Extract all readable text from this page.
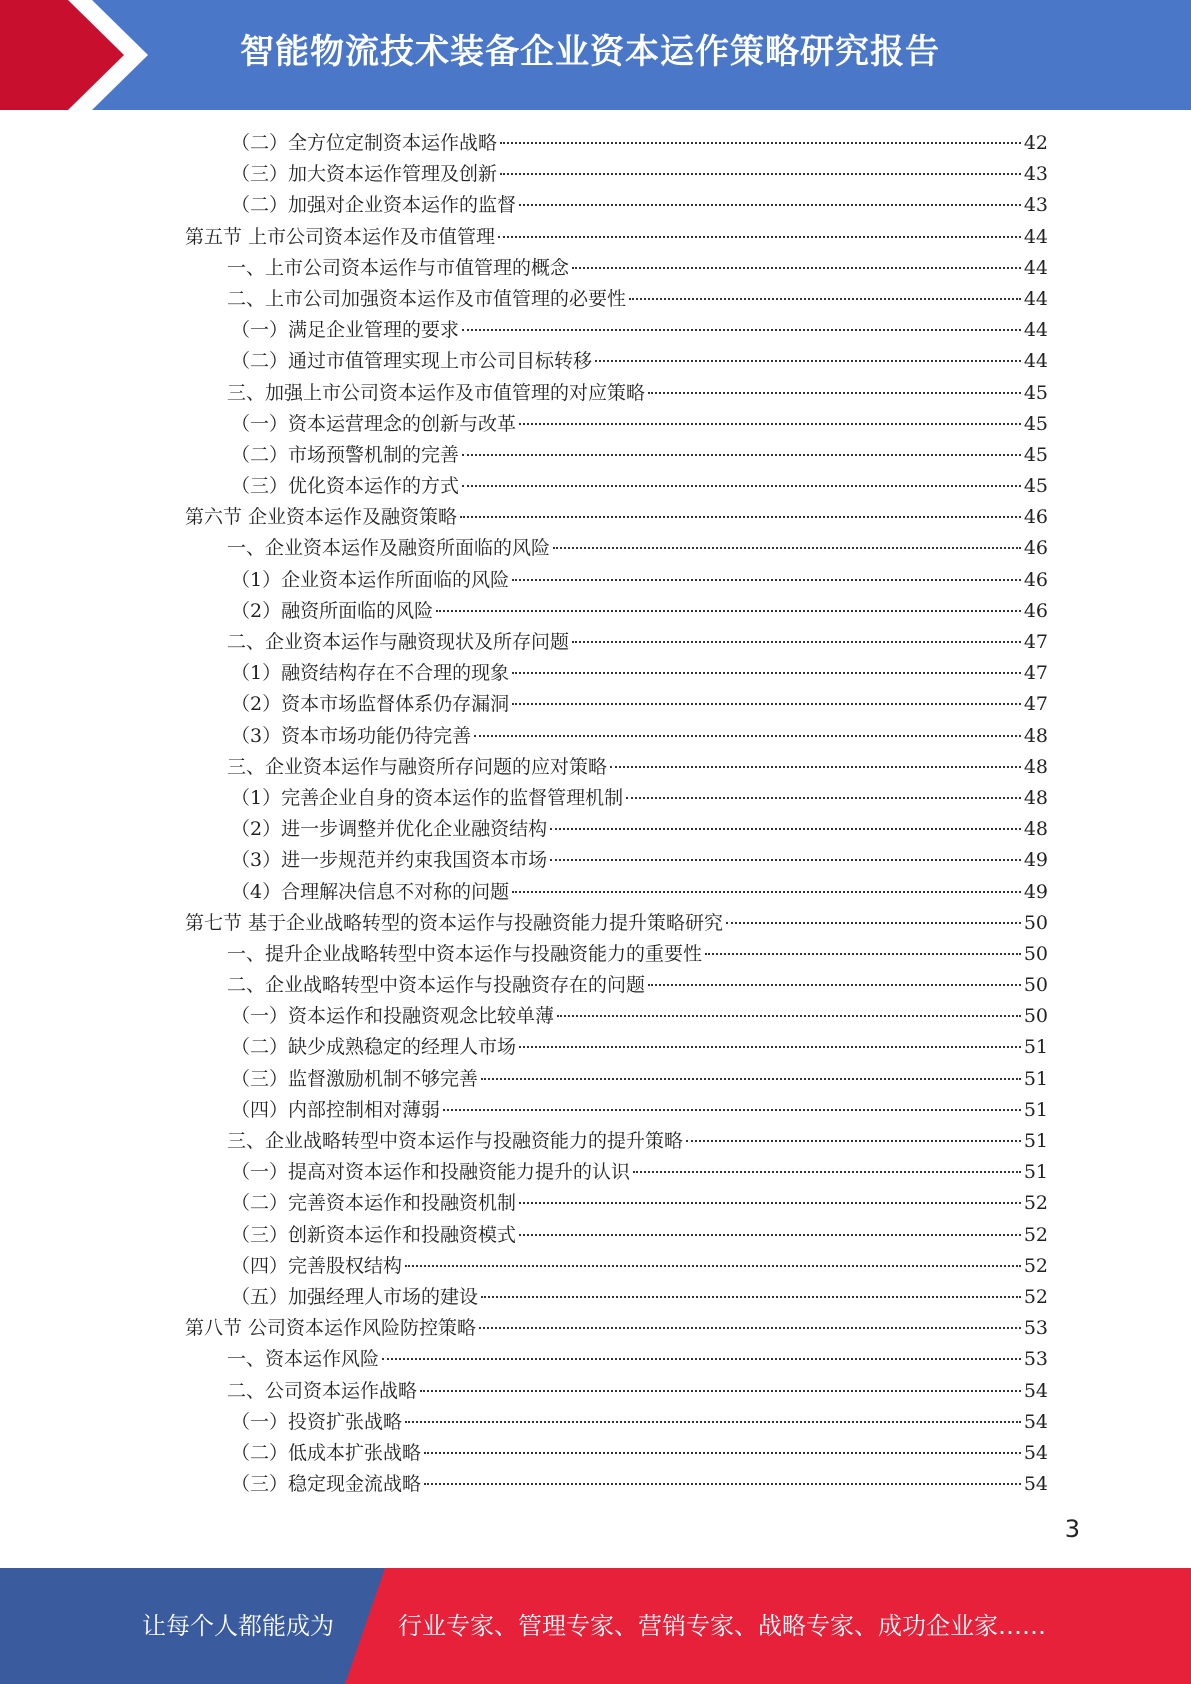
智能物流技术装备企业资本运作策略研究报告
（二）全方位定制资本运作战略	42
（三）加大资本运作管理及创新	43
（二）加强对企业资本运作的监督	43
第五节 上市公司资本运作及市值管理	44
一、上市公司资本运作与市值管理的概念	44
二、上市公司加强资本运作及市值管理的必要性	44
（一）满足企业管理的要求	44
（二）通过市值管理实现上市公司目标转移	44
三、加强上市公司资本运作及市值管理的对应策略	45
（一）资本运营理念的创新与改革	45
（二）市场预警机制的完善	45
（三）优化资本运作的方式	45
第六节 企业资本运作及融资策略	46
一、企业资本运作及融资所面临的风险	46
（1）企业资本运作所面临的风险	46
（2）融资所面临的风险	46
二、企业资本运作与融资现状及所存问题	47
（1）融资结构存在不合理的现象	47
（2）资本市场监督体系仍存漏洞	47
（3）资本市场功能仍待完善	48
三、企业资本运作与融资所存问题的应对策略	48
（1）完善企业自身的资本运作的监督管理机制	48
（2）进一步调整并优化企业融资结构	48
（3）进一步规范并约束我国资本市场	49
（4）合理解决信息不对称的问题	49
第七节 基于企业战略转型的资本运作与投融资能力提升策略研究	50
一、提升企业战略转型中资本运作与投融资能力的重要性	50
二、企业战略转型中资本运作与投融资存在的问题	50
（一）资本运作和投融资观念比较单薄	50
（二）缺少成熟稳定的经理人市场	51
（三）监督激励机制不够完善	51
（四）内部控制相对薄弱	51
三、企业战略转型中资本运作与投融资能力的提升策略	51
（一）提高对资本运作和投融资能力提升的认识	51
（二）完善资本运作和投融资机制	52
（三）创新资本运作和投融资模式	52
（四）完善股权结构	52
（五）加强经理人市场的建设	52
第八节 公司资本运作风险防控策略	53
一、资本运作风险	53
二、公司资本运作战略	54
（一）投资扩张战略	54
（二）低成本扩张战略	54
（三）稳定现金流战略	54
3
让每个人都能成为	行业专家、管理专家、营销专家、战略专家、成功企业家……
